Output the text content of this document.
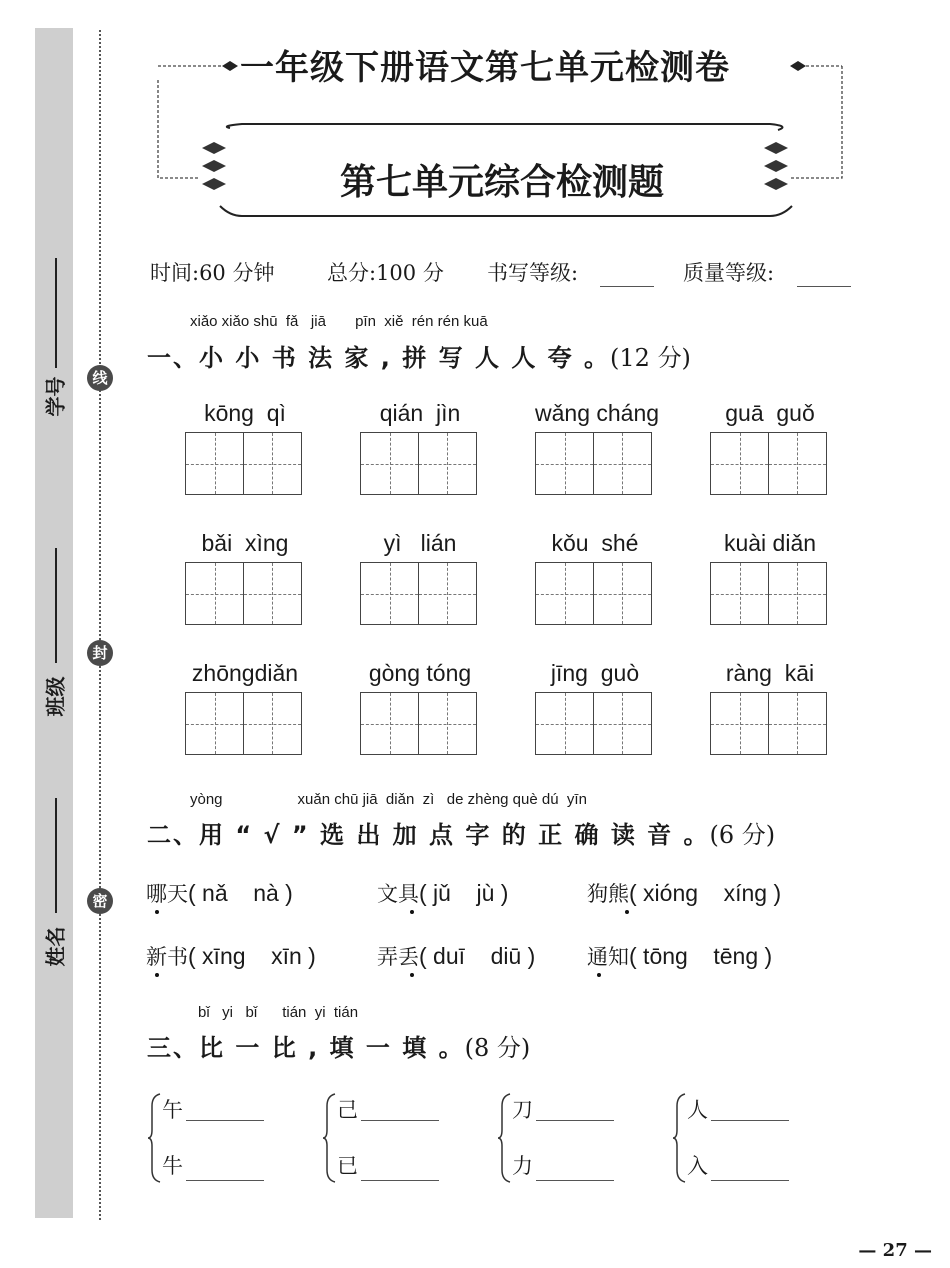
学号
班级
姓名
线
封
密
一年级下册语文第七单元检测卷
第七单元综合检测题
时间:60 分钟	总分:100 分 书写等级:	质量等级:
xiǎo xiǎo shū  fǎ   jiā       pīn  xiě  rén rén kuā
一、小 小 书 法 家 , 拼 写 人 人 夸 。(12 分)
kōng  qì	qián  jìn	wǎng cháng	guā  guǒ
bǎi  xìng	yì   lián	kǒu  shé	kuài diǎn
zhōngdiǎn	gòng tóng	jīng  guò	ràng  kāi
yòng                  xuǎn chū jiā  diǎn  zì   de zhèng què dú  yīn
二、用 “ √ ” 选 出 加 点 字 的 正 确 读 音 。(6 分)
哪天( nǎ    nà )	文具( jǔ    jù )	狗熊( xióng    xíng )
新书( xīng    xīn )	弄丢( duī    diū ) 通知( tōng    tēng )
bǐ   yi   bǐ      tián  yi  tián
三、比 一 比 , 填 一 填 。(8 分)
午
牛
己
已
刀
力
人
入
— 27 —
